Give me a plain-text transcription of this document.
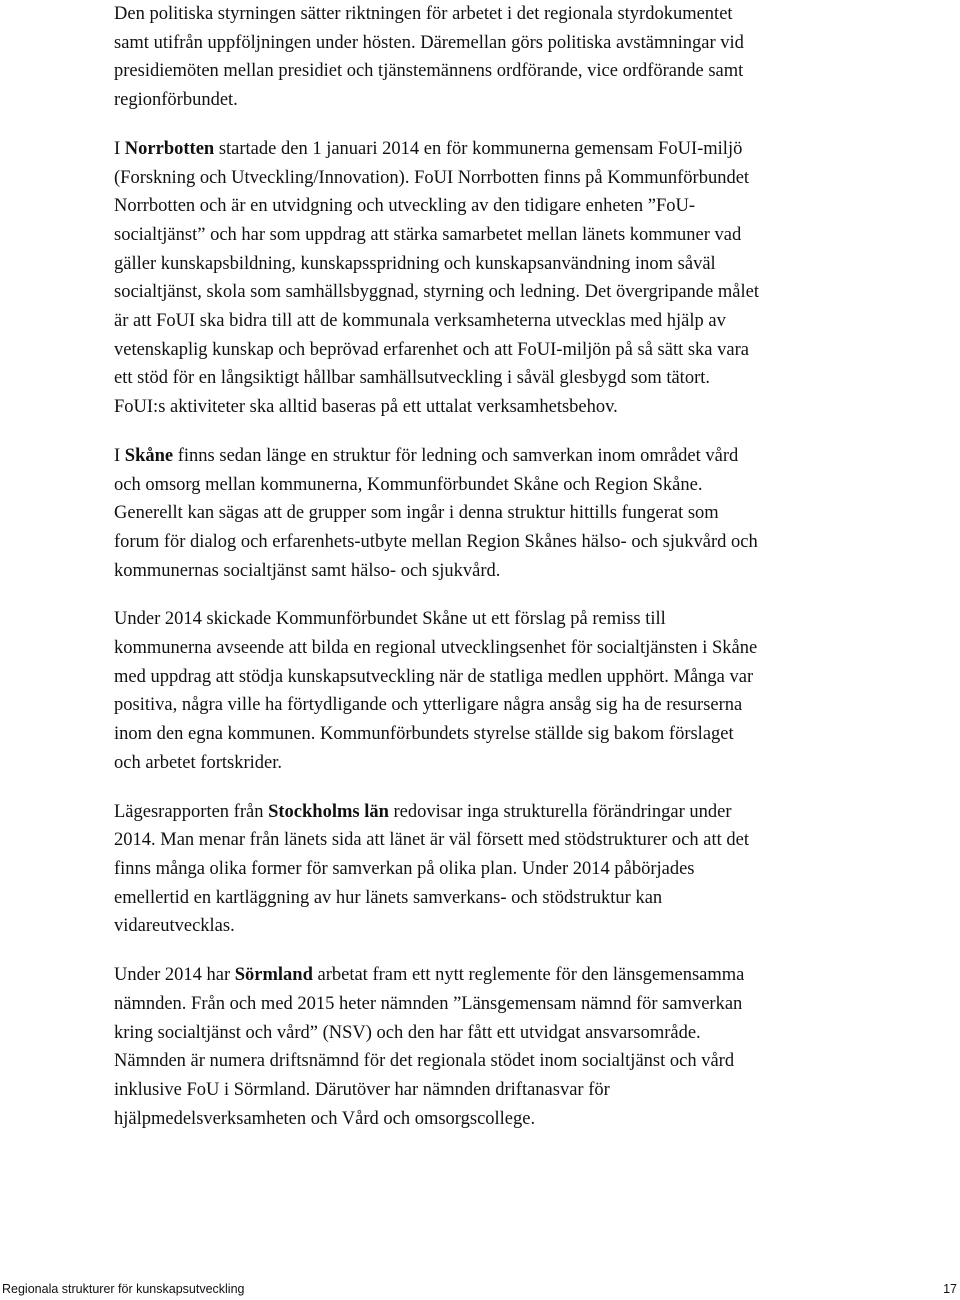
Den politiska styrningen sätter riktningen för arbetet i det regionala styrdokumentet samt utifrån uppföljningen under hösten. Däremellan görs politiska avstämningar vid presidiemöten mellan presidiet och tjänstemännens ordförande, vice ordförande samt regionförbundet.

I Norrbotten startade den 1 januari 2014 en för kommunerna gemensam FoUI-miljö (Forskning och Utveckling/Innovation). FoUI Norrbotten finns på Kommunförbundet Norrbotten och är en utvidgning och utveckling av den tidigare enheten ”FoU-socialtjänst” och har som uppdrag att stärka samarbetet mellan länets kommuner vad gäller kunskapsbildning, kunskapsspridning och kunskapsanvändning inom såväl socialtjänst, skola som samhällsbyggnad, styrning och ledning. Det övergripande målet är att FoUI ska bidra till att de kommunala verksamheterna utvecklas med hjälp av vetenskaplig kunskap och beprövad erfarenhet och att FoUI-miljön på så sätt ska vara ett stöd för en långsiktigt hållbar samhällsutveckling i såväl glesbygd som tätort. FoUI:s aktiviteter ska alltid baseras på ett uttalat verksamhetsbehov.

I Skåne finns sedan länge en struktur för ledning och samverkan inom området vård och omsorg mellan kommunerna, Kommunförbundet Skåne och Region Skåne. Generellt kan sägas att de grupper som ingår i denna struktur hittills fungerat som forum för dialog och erfarenhets-utbyte mellan Region Skånes hälso- och sjukvård och kommunernas socialtjänst samt hälso- och sjukvård.

Under 2014 skickade Kommunförbundet Skåne ut ett förslag på remiss till kommunerna avseende att bilda en regional utvecklingsenhet för socialtjänsten i Skåne med uppdrag att stödja kunskapsutveckling när de statliga medlen upphört. Många var positiva, några ville ha förtydligande och ytterligare några ansåg sig ha de resurserna inom den egna kommunen. Kommunförbundets styrelse ställde sig bakom förslaget och arbetet fortskrider.

Lägesrapporten från Stockholms län redovisar inga strukturella förändringar under 2014. Man menar från länets sida att länet är väl försett med stödstrukturer och att det finns många olika former för samverkan på olika plan. Under 2014 påbörjades emellertid en kartläggning av hur länets samverkans- och stödstruktur kan vidareutvecklas.

Under 2014 har Sörmland arbetat fram ett nytt reglemente för den länsgemensamma nämnden. Från och med 2015 heter nämnden ”Länsgemensam nämnd för samverkan kring socialtjänst och vård” (NSV) och den har fått ett utvidgat ansvarsområde. Nämnden är numera driftsnämnd för det regionala stödet inom socialtjänst och vård inklusive FoU i Sörmland. Därutöver har nämnden driftanasvar för hjälpmedelsverksamheten och Vård och omsorgscollege.

Regionala strukturer för kunskapsutveckling	17
